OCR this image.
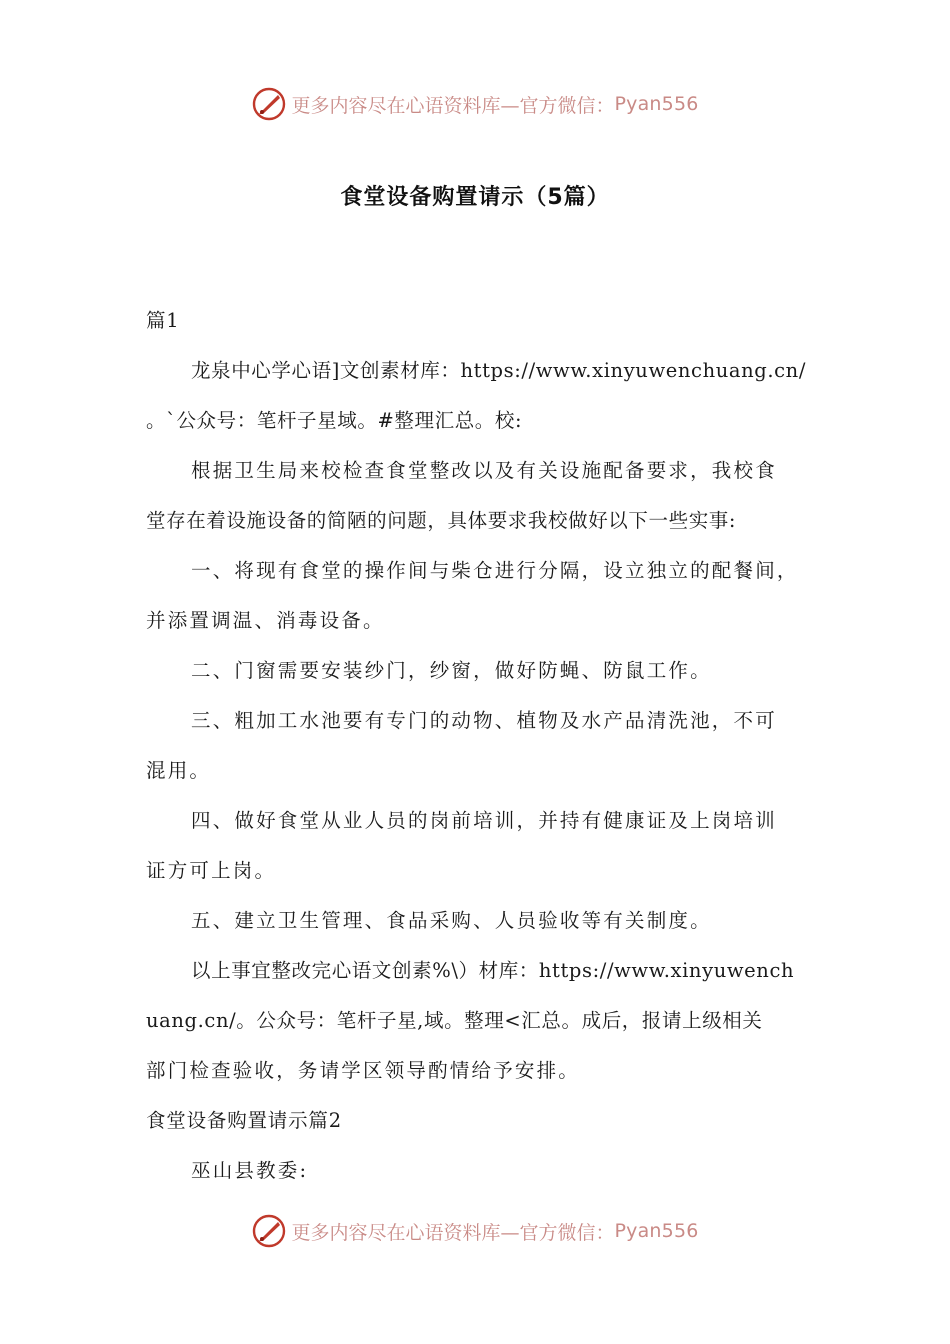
更多内容尽在心语资料库—官方微信： Pyan556
食堂设备购置请示（5篇）
篇1
龙泉中心学心语]文创素材库：https://www.xinyuwenchuang.cn/
。`公众号：笔杆子星域。#整理汇总。校:
根据卫生局来校检查食堂整改以及有关设施配备要求，我校食
堂存在着设施设备的简陋的问题，具体要求我校做好以下一些实事:
一、将现有食堂的操作间与柴仓进行分隔，设立独立的配餐间，
并添置调温、消毒设备。
二、门窗需要安装纱门，纱窗，做好防蝇、防鼠工作。
三、粗加工水池要有专门的动物、植物及水产品清洗池，不可
混用。
四、做好食堂从业人员的岗前培训，并持有健康证及上岗培训
证方可上岗。
五、建立卫生管理、食品采购、人员验收等有关制度。
以上事宜整改完心语文创素%\）材库：https://www.xinyuwench
uang.cn/。公众号：笔杆子星,域。整理<汇总。成后，报请上级相关
部门检查验收，务请学区领导酌情给予安排。
食堂设备购置请示篇2
巫山县教委:
更多内容尽在心语资料库—官方微信： Pyan556
